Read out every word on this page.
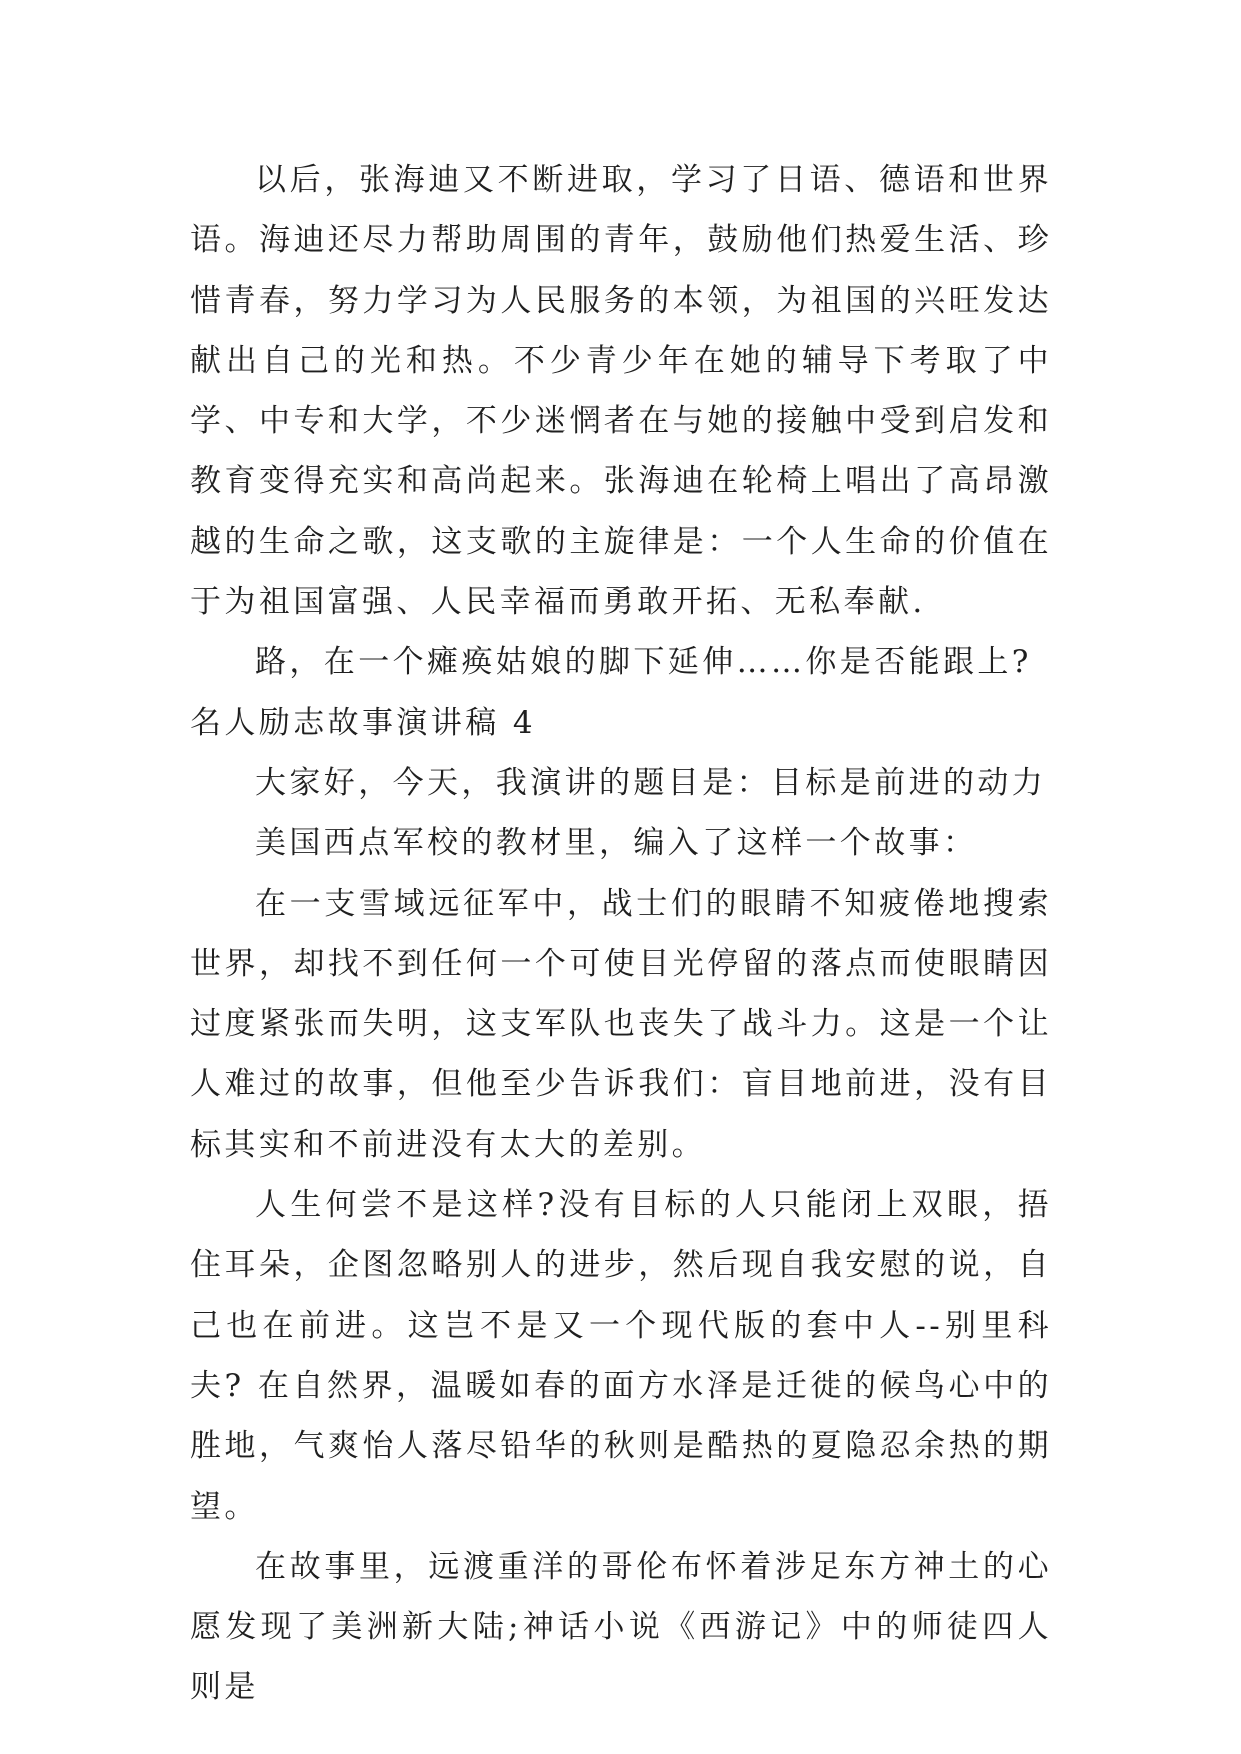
以后，张海迪又不断进取，学习了日语、德语和世界语。海迪还尽力帮助周围的青年，鼓励他们热爱生活、珍惜青春，努力学习为人民服务的本领，为祖国的兴旺发达献出自己的光和热。不少青少年在她的辅导下考取了中学、中专和大学，不少迷惘者在与她的接触中受到启发和教育变得充实和高尚起来。张海迪在轮椅上唱出了高昂激越的生命之歌，这支歌的主旋律是：一个人生命的价值在于为祖国富强、人民幸福而勇敢开拓、无私奉献.

路，在一个瘫痪姑娘的脚下延伸……你是否能跟上?

名人励志故事演讲稿 4

大家好，今天，我演讲的题目是：目标是前进的动力

美国西点军校的教材里，编入了这样一个故事：

在一支雪域远征军中，战士们的眼睛不知疲倦地搜索世界，却找不到任何一个可使目光停留的落点而使眼睛因过度紧张而失明，这支军队也丧失了战斗力。这是一个让人难过的故事，但他至少告诉我们：盲目地前进，没有目标其实和不前进没有太大的差别。

人生何尝不是这样?没有目标的人只能闭上双眼，捂住耳朵，企图忽略别人的进步，然后现自我安慰的说，自己也在前进。这岂不是又一个现代版的套中人--别里科夫? 在自然界，温暖如春的面方水泽是迁徙的候鸟心中的胜地，气爽怡人落尽铅华的秋则是酷热的夏隐忍余热的期望。

在故事里，远渡重洋的哥伦布怀着涉足东方神土的心愿发现了美洲新大陆;神话小说《西游记》中的师徒四人则是
